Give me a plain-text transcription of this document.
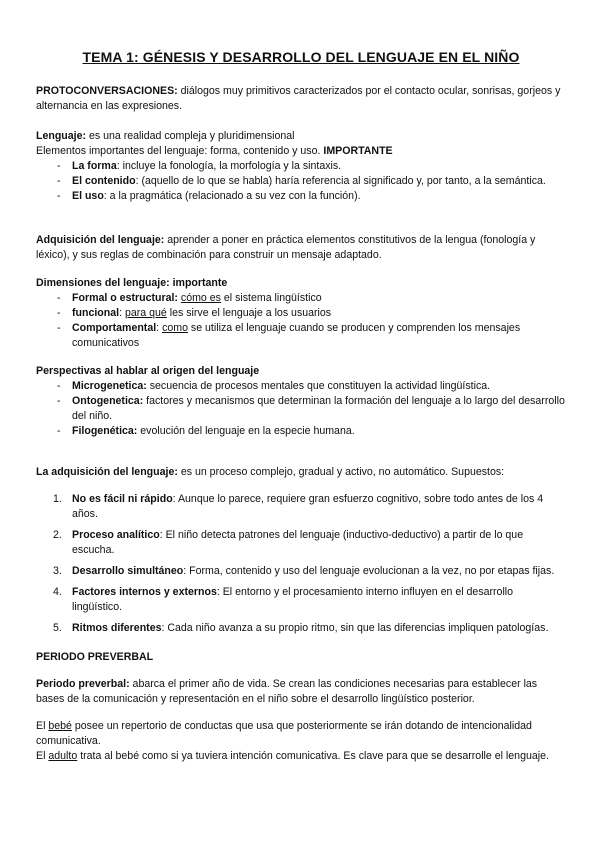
TEMA 1: GÉNESIS Y DESARROLLO DEL LENGUAJE EN EL NIÑO

PROTOCONVERSACIONES: diálogos muy primitivos caracterizados por el contacto ocular, sonrisas, gorjeos y alternancia en las expresiones.

Lenguaje: es una realidad compleja y pluridimensional

Elementos importantes del lenguaje: forma, contenido y uso. IMPORTANTE

- La forma: incluye la fonología, la morfología y la sintaxis.
- El contenido: (aquello de lo que se habla) haría referencia al significado y, por tanto, a la semántica.
- El uso: a la pragmática (relacionado a su vez con la función).

Adquisición del lenguaje: aprender a poner en práctica elementos constitutivos de la lengua (fonología y léxico), y sus reglas de combinación para construir un mensaje adaptado.

Dimensiones del lenguaje: importante

- Formal o estructural: cómo es el sistema lingüístico
- funcional: para qué les sirve el lenguaje a los usuarios
- Comportamental: como se utiliza el lenguaje cuando se producen y comprenden los mensajes comunicativos

Perspectivas al hablar al origen del lenguaje

- Microgenetica: secuencia de procesos mentales que constituyen la actividad lingüística.
- Ontogenetica: factores y mecanismos que determinan la formación del lenguaje a lo largo del desarrollo del niño.
- Filogenética: evolución del lenguaje en la especie humana.

La adquisición del lenguaje: es un proceso complejo, gradual y activo, no automático. Supuestos:

1. No es fácil ni rápido: Aunque lo parece, requiere gran esfuerzo cognitivo, sobre todo antes de los 4 años.
2. Proceso analítico: El niño detecta patrones del lenguaje (inductivo-deductivo) a partir de lo que escucha.
3. Desarrollo simultáneo: Forma, contenido y uso del lenguaje evolucionan a la vez, no por etapas fijas.
4. Factores internos y externos: El entorno y el procesamiento interno influyen en el desarrollo lingüístico.
5. Ritmos diferentes: Cada niño avanza a su propio ritmo, sin que las diferencias impliquen patologías.

PERIODO PREVERBAL

Periodo preverbal: abarca el primer año de vida. Se crean las condiciones necesarias para establecer las bases de la comunicación y representación en el niño sobre el desarrollo lingüístico posterior.

El bebé posee un repertorio de conductas que usa que posteriormente se irán dotando de intencionalidad comunicativa.

El adulto trata al bebé como si ya tuviera intención comunicativa. Es clave para que se desarrolle el lenguaje.
